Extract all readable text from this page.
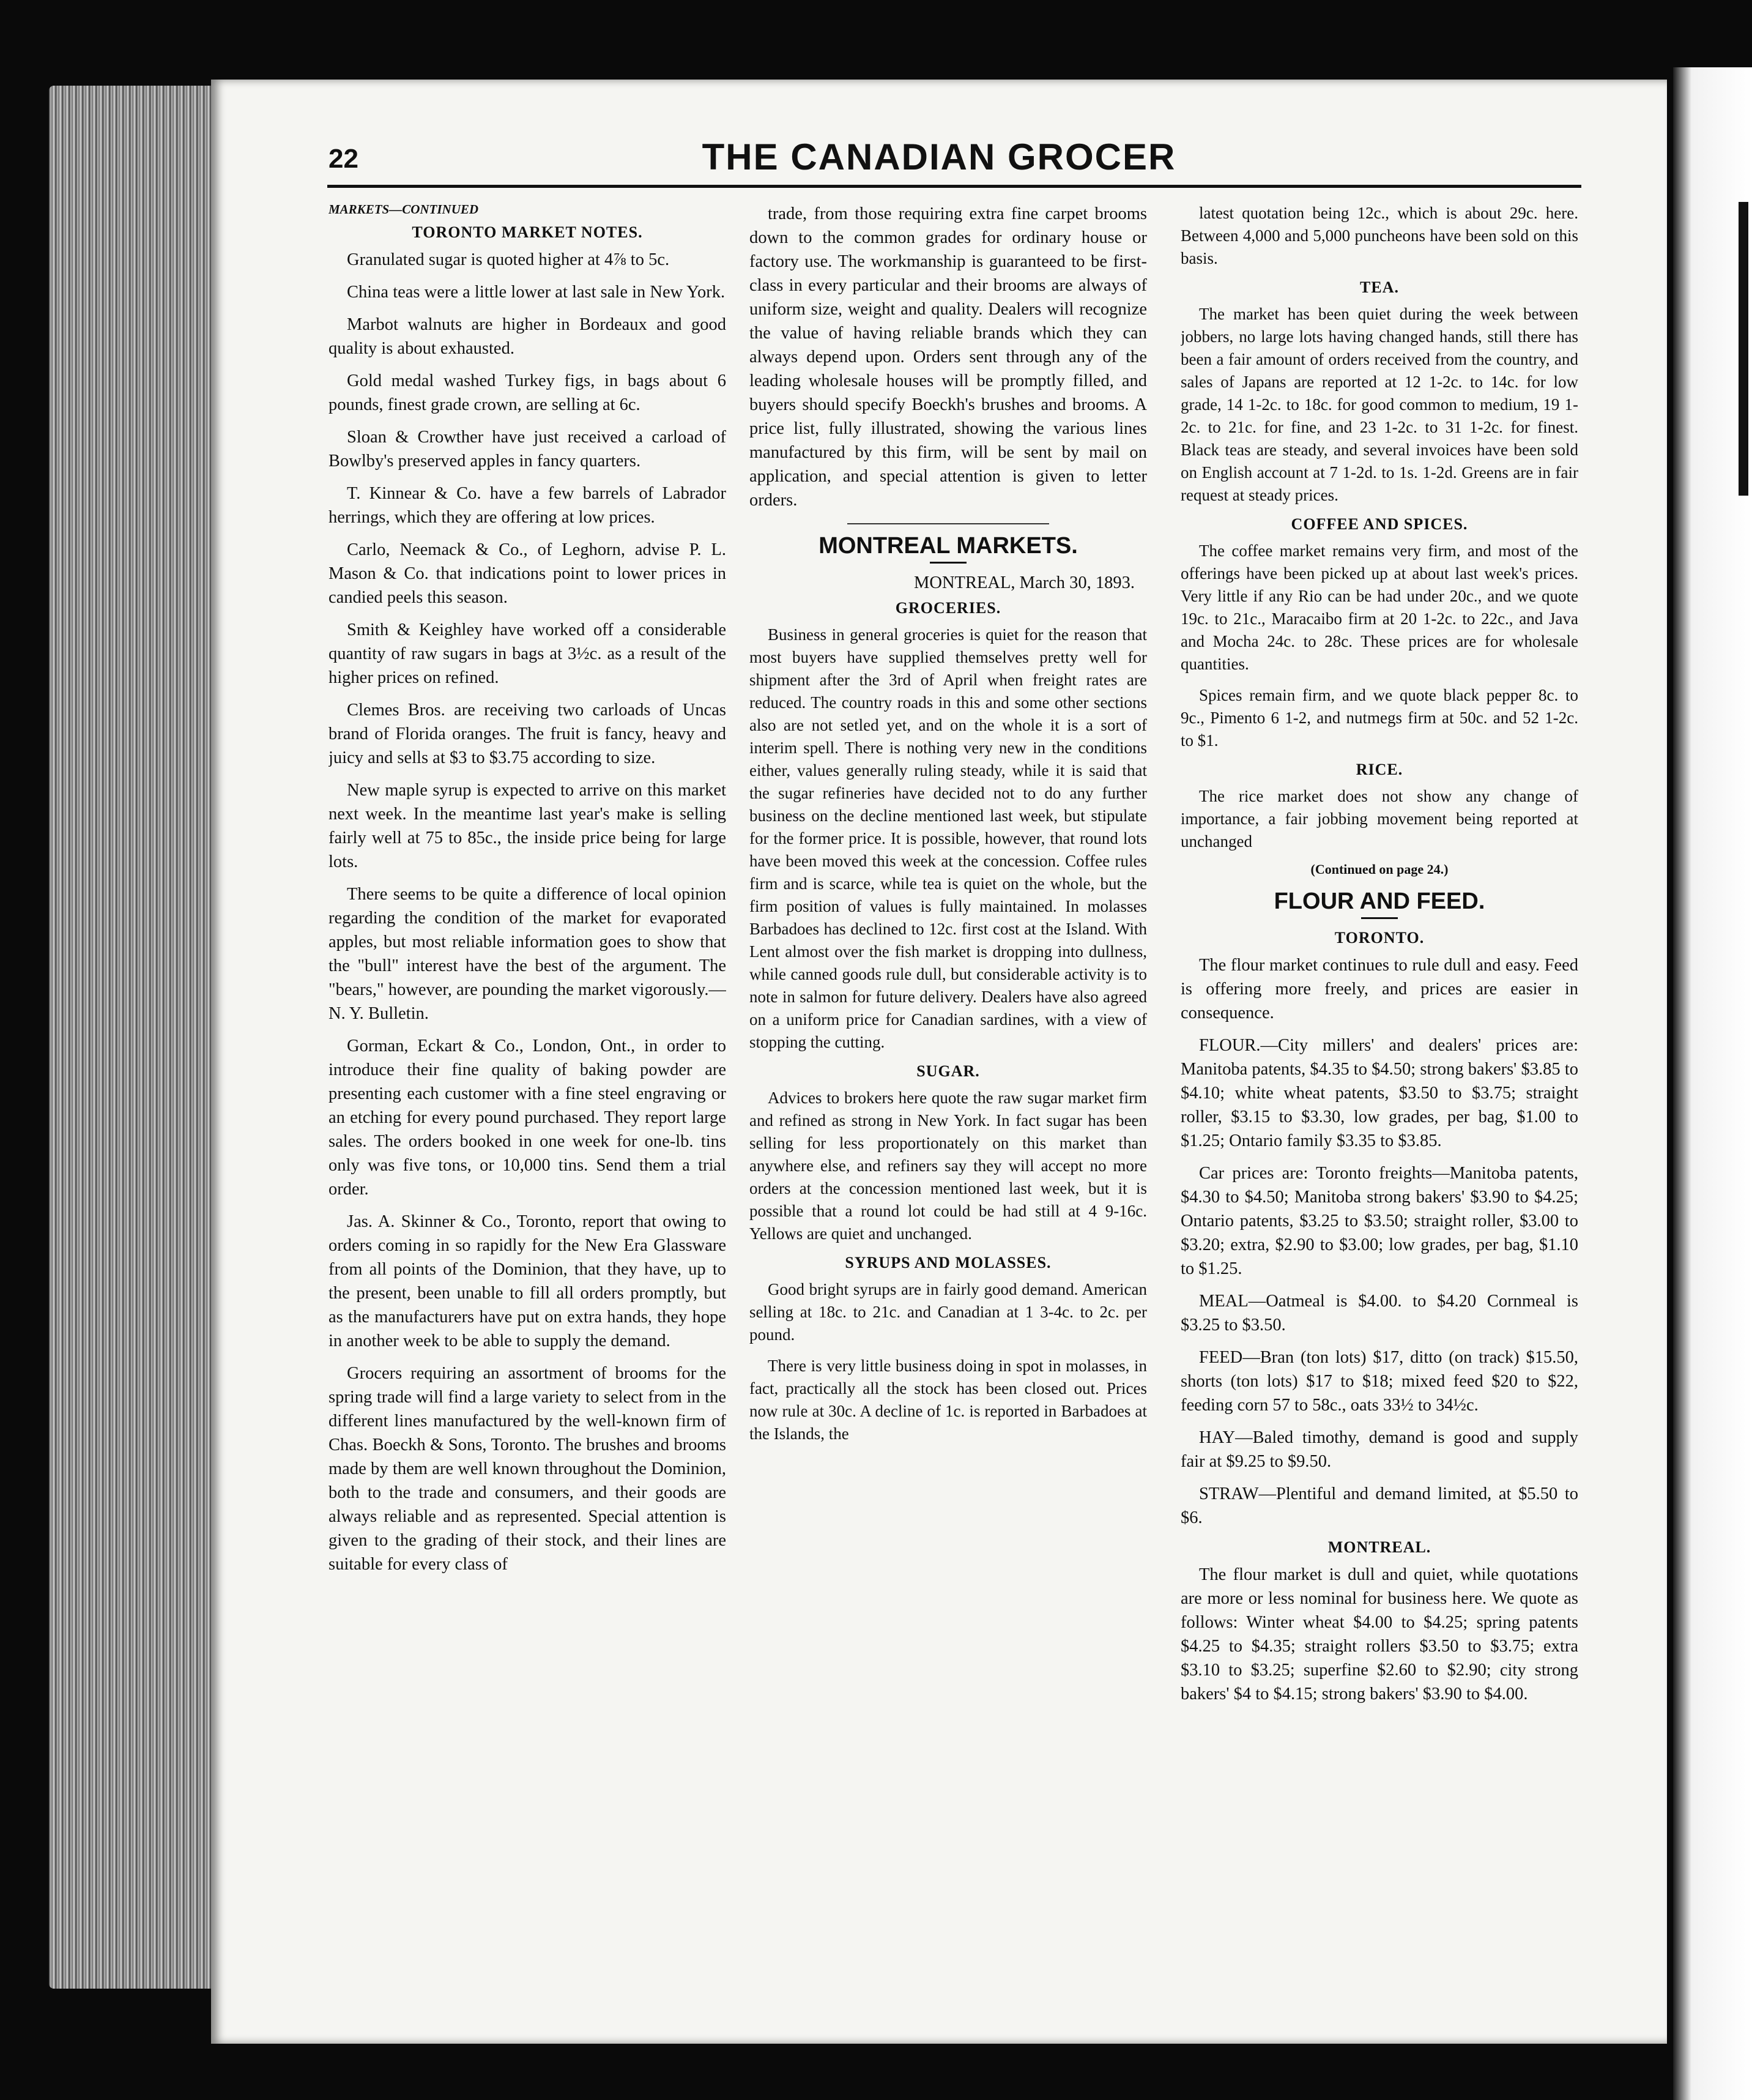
22	THE CANADIAN GROCER
MARKETS—CONTINUED
TORONTO MARKET NOTES.

Granulated sugar is quoted higher at 4⅞ to 5c.

China teas were a little lower at last sale in New York.

Marbot walnuts are higher in Bordeaux and good quality is about exhausted.

Gold medal washed Turkey figs, in bags about 6 pounds, finest grade crown, are selling at 6c.

Sloan & Crowther have just received a carload of Bowlby's preserved apples in fancy quarters.

T. Kinnear & Co. have a few barrels of Labrador herrings, which they are offering at low prices.

Carlo, Neemack & Co., of Leghorn, advise P. L. Mason & Co. that indications point to lower prices in candied peels this season.

Smith & Keighley have worked off a considerable quantity of raw sugars in bags at 3½c. as a result of the higher prices on refined.

Clemes Bros. are receiving two carloads of Uncas brand of Florida oranges. The fruit is fancy, heavy and juicy and sells at $3 to $3.75 according to size.

New maple syrup is expected to arrive on this market next week. In the meantime last year's make is selling fairly well at 75 to 85c., the inside price being for large lots.

There seems to be quite a difference of local opinion regarding the condition of the market for evaporated apples, but most reliable information goes to show that the "bull" interest have the best of the argument. The "bears," however, are pounding the market vigorously.—N. Y. Bulletin.

Gorman, Eckart & Co., London, Ont., in order to introduce their fine quality of baking powder are presenting each customer with a fine steel engraving or an etching for every pound purchased. They report large sales. The orders booked in one week for one-lb. tins only was five tons, or 10,000 tins. Send them a trial order.

Jas. A. Skinner & Co., Toronto, report that owing to orders coming in so rapidly for the New Era Glassware from all points of the Dominion, that they have, up to the present, been unable to fill all orders promptly, but as the manufacturers have put on extra hands, they hope in another week to be able to supply the demand.

Grocers requiring an assortment of brooms for the spring trade will find a large variety to select from in the different lines manufactured by the well-known firm of Chas. Boeckh & Sons, Toronto. The brushes and brooms made by them are well known throughout the Dominion, both to the trade and consumers, and their goods are always reliable and as represented. Special attention is given to the grading of their stock, and their lines are suitable for every class of

trade, from those requiring extra fine carpet brooms down to the common grades for ordinary house or factory use. The workmanship is guaranteed to be first-class in every particular and their brooms are always of uniform size, weight and quality. Dealers will recognize the value of having reliable brands which they can always depend upon. Orders sent through any of the leading wholesale houses will be promptly filled, and buyers should specify Boeckh's brushes and brooms. A price list, fully illustrated, showing the various lines manufactured by this firm, will be sent by mail on application, and special attention is given to letter orders.

MONTREAL MARKETS.
MONTREAL, March 30, 1893.
GROCERIES.

Business in general groceries is quiet for the reason that most buyers have supplied themselves pretty well for shipment after the 3rd of April when freight rates are reduced. The country roads in this and some other sections also are not setled yet, and on the whole it is a sort of interim spell. There is nothing very new in the conditions either, values generally ruling steady, while it is said that the sugar refineries have decided not to do any further business on the decline mentioned last week, but stipulate for the former price. It is possible, however, that round lots have been moved this week at the concession. Coffee rules firm and is scarce, while tea is quiet on the whole, but the firm position of values is fully maintained. In molasses Barbadoes has declined to 12c. first cost at the Island. With Lent almost over the fish market is dropping into dullness, while canned goods rule dull, but considerable activity is to note in salmon for future delivery. Dealers have also agreed on a uniform price for Canadian sardines, with a view of stopping the cutting.

SUGAR.

Advices to brokers here quote the raw sugar market firm and refined as strong in New York. In fact sugar has been selling for less proportionately on this market than anywhere else, and refiners say they will accept no more orders at the concession mentioned last week, but it is possible that a round lot could be had still at 4 9-16c. Yellows are quiet and unchanged.

SYRUPS AND MOLASSES.

Good bright syrups are in fairly good demand. American selling at 18c. to 21c. and Canadian at 1 3-4c. to 2c. per pound.

There is very little business doing in spot in molasses, in fact, practically all the stock has been closed out. Prices now rule at 30c. A decline of 1c. is reported in Barbadoes at the Islands, the

latest quotation being 12c., which is about 29c. here. Between 4,000 and 5,000 puncheons have been sold on this basis.

TEA.

The market has been quiet during the week between jobbers, no large lots having changed hands, still there has been a fair amount of orders received from the country, and sales of Japans are reported at 12 1-2c. to 14c. for low grade, 14 1-2c. to 18c. for good common to medium, 19 1-2c. to 21c. for fine, and 23 1-2c. to 31 1-2c. for finest. Black teas are steady, and several invoices have been sold on English account at 7 1-2d. to 1s. 1-2d. Greens are in fair request at steady prices.

COFFEE AND SPICES.

The coffee market remains very firm, and most of the offerings have been picked up at about last week's prices. Very little if any Rio can be had under 20c., and we quote 19c. to 21c., Maracaibo firm at 20 1-2c. to 22c., and Java and Mocha 24c. to 28c. These prices are for wholesale quantities.

Spices remain firm, and we quote black pepper 8c. to 9c., Pimento 6 1-2, and nutmegs firm at 50c. and 52 1-2c. to $1.

RICE.

The rice market does not show any change of importance, a fair jobbing movement being reported at unchanged

(Continued on page 24.)
FLOUR AND FEED.
TORONTO.

The flour market continues to rule dull and easy. Feed is offering more freely, and prices are easier in consequence.

FLOUR.—City millers' and dealers' prices are: Manitoba patents, $4.35 to $4.50; strong bakers' $3.85 to $4.10; white wheat patents, $3.50 to $3.75; straight roller, $3.15 to $3.30, low grades, per bag, $1.00 to $1.25; Ontario family $3.35 to $3.85.

Car prices are: Toronto freights—Manitoba patents, $4.30 to $4.50; Manitoba strong bakers' $3.90 to $4.25; Ontario patents, $3.25 to $3.50; straight roller, $3.00 to $3.20; extra, $2.90 to $3.00; low grades, per bag, $1.10 to $1.25.

MEAL—Oatmeal is $4.00. to $4.20 Cornmeal is $3.25 to $3.50.

FEED—Bran (ton lots) $17, ditto (on track) $15.50, shorts (ton lots) $17 to $18; mixed feed $20 to $22, feeding corn 57 to 58c., oats 33½ to 34½c.

HAY—Baled timothy, demand is good and supply fair at $9.25 to $9.50.

STRAW—Plentiful and demand limited, at $5.50 to $6.

MONTREAL.

The flour market is dull and quiet, while quotations are more or less nominal for business here. We quote as follows: Winter wheat $4.00 to $4.25; spring patents $4.25 to $4.35; straight rollers $3.50 to $3.75; extra $3.10 to $3.25; superfine $2.60 to $2.90; city strong bakers' $4 to $4.15; strong bakers' $3.90 to $4.00.
